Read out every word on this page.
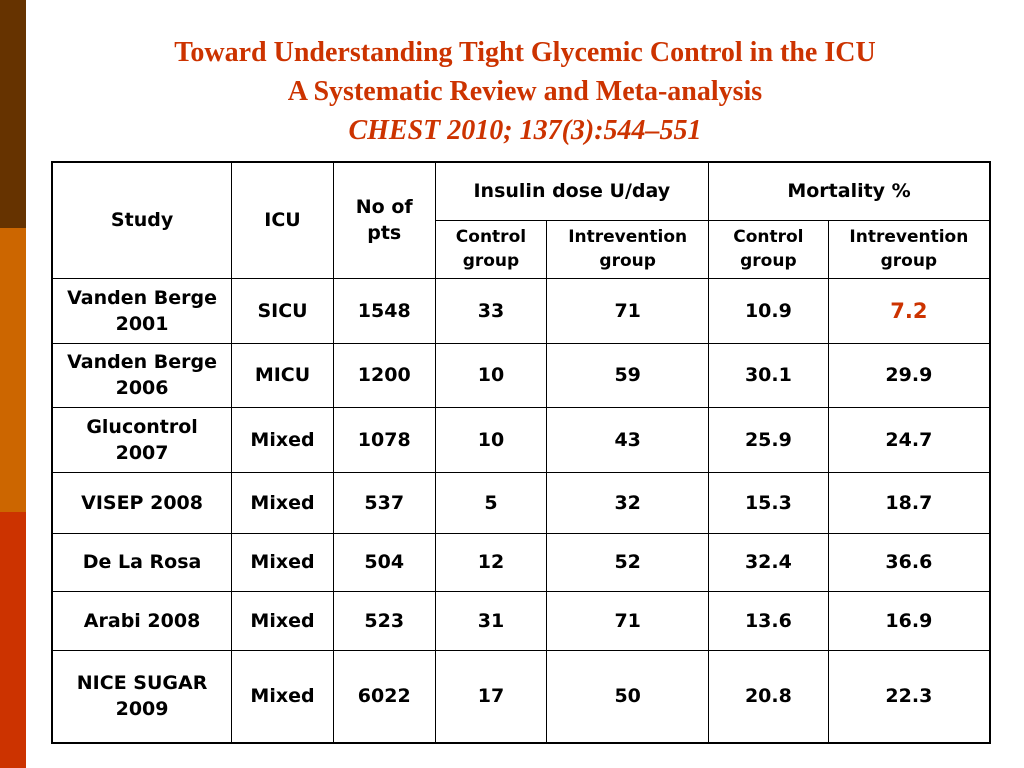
Toward Understanding Tight Glycemic Control in the ICU
A Systematic Review and Meta-analysis
CHEST 2010; 137(3):544–551
Study	ICU	No of pts	Insulin dose U/day		Mortality %	
			Control group	Intrevention group	Control group	Intrevention group
Vanden Berge 2001	SICU	1548	33	71	10.9	7.2
Vanden Berge 2006	MICU	1200	10	59	30.1	29.9
Glucontrol 2007	Mixed	1078	10	43	25.9	24.7
VISEP 2008	Mixed	537	5	32	15.3	18.7
De La Rosa	Mixed	504	12	52	32.4	36.6
Arabi 2008	Mixed	523	31	71	13.6	16.9
NICE SUGAR 2009	Mixed	6022	17	50	20.8	22.3
